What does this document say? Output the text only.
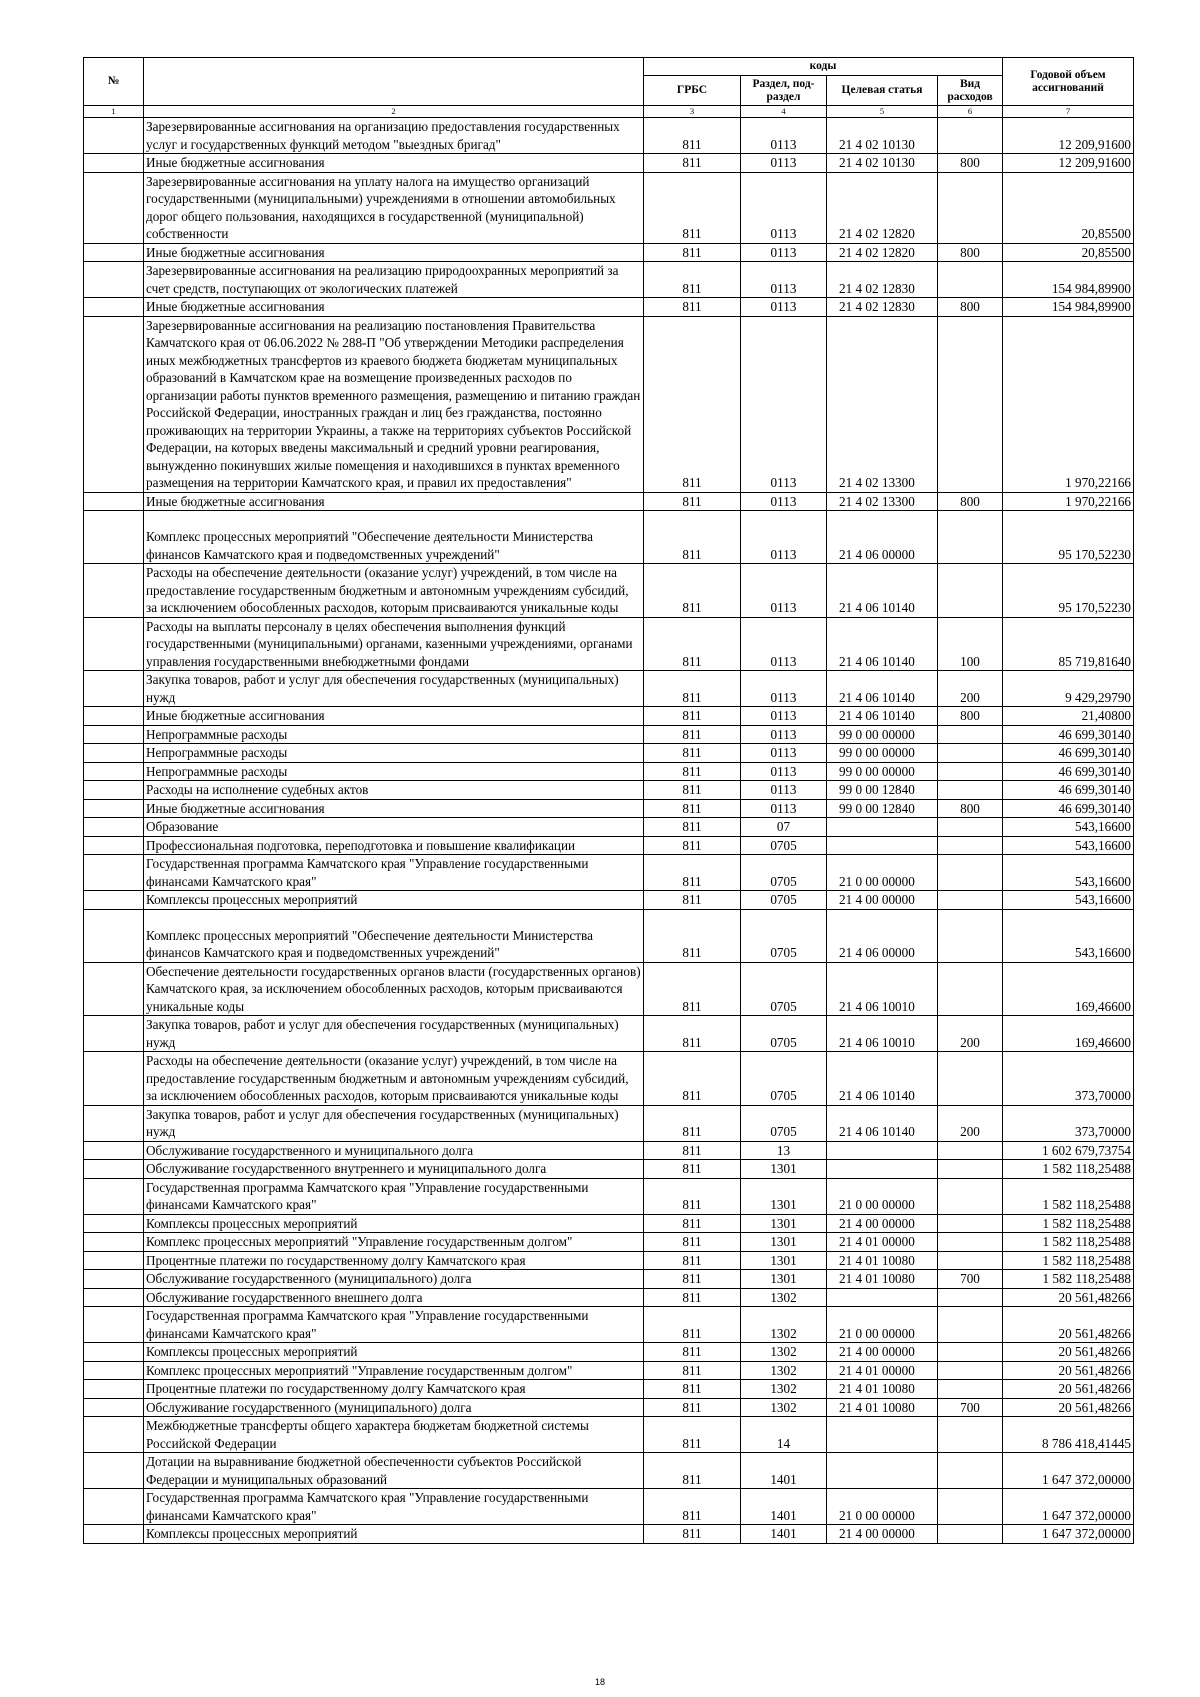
№		коды				Годовой объем ассигнований
		ГРБС	Раздел, под-раздел	Целевая статья	Вид расходов	
1	2	3	4	5	6	7
	Зарезервированные ассигнования на организацию предоставления государственных услуг и государственных функций методом "выездных бригад"	811	0113	21 4 02 10130		12 209,91600
	Иные бюджетные ассигнования	811	0113	21 4 02 10130	800	12 209,91600
	Зарезервированные ассигнования на уплату налога на имущество организаций государственными (муниципальными) учреждениями в отношении автомобильных дорог общего пользования, находящихся в государственной (муниципальной) собственности	811	0113	21 4 02 12820		20,85500
	Иные бюджетные ассигнования	811	0113	21 4 02 12820	800	20,85500
	Зарезервированные ассигнования на реализацию природоохранных мероприятий за счет средств, поступающих от экологических платежей	811	0113	21 4 02 12830		154 984,89900
	Иные бюджетные ассигнования	811	0113	21 4 02 12830	800	154 984,89900
	Зарезервированные ассигнования на реализацию постановления Правительства Камчатского края от 06.06.2022 № 288-П "Об утверждении Методики распределения иных межбюджетных трансфертов из краевого бюджета бюджетам муниципальных образований в Камчатском крае на возмещение произведенных расходов по организации работы пунктов временного размещения, размещению и питанию граждан Российской Федерации, иностранных граждан и лиц без гражданства, постоянно проживающих на территории Украины, а также на территориях субъектов Российской Федерации, на которых введены максимальный и средний уровни реагирования, вынужденно покинувших жилые помещения и находившихся в пунктах временного размещения на территории Камчатского края, и правил их предоставления"	811	0113	21 4 02 13300		1 970,22166
	Иные бюджетные ассигнования	811	0113	21 4 02 13300	800	1 970,22166
	Комплекс процессных мероприятий "Обеспечение деятельности Министерства финансов Камчатского края и подведомственных учреждений"	811	0113	21 4 06 00000		95 170,52230
	Расходы на обеспечение деятельности (оказание услуг) учреждений, в том числе на предоставление государственным бюджетным и автономным учреждениям субсидий, за исключением обособленных расходов, которым присваиваются уникальные коды	811	0113	21 4 06 10140		95 170,52230
	Расходы на выплаты персоналу в целях обеспечения выполнения функций государственными (муниципальными) органами, казенными учреждениями, органами управления государственными внебюджетными фондами	811	0113	21 4 06 10140	100	85 719,81640
	Закупка товаров, работ и услуг для обеспечения государственных (муниципальных) нужд	811	0113	21 4 06 10140	200	9 429,29790
	Иные бюджетные ассигнования	811	0113	21 4 06 10140	800	21,40800
	Непрограммные расходы	811	0113	99 0 00 00000		46 699,30140
	Непрограммные расходы	811	0113	99 0 00 00000		46 699,30140
	Непрограммные расходы	811	0113	99 0 00 00000		46 699,30140
	Расходы на исполнение судебных актов	811	0113	99 0 00 12840		46 699,30140
	Иные бюджетные ассигнования	811	0113	99 0 00 12840	800	46 699,30140
	Образование	811	07			543,16600
	Профессиональная подготовка, переподготовка и повышение квалификации	811	0705			543,16600
	Государственная программа Камчатского края "Управление государственными финансами Камчатского края"	811	0705	21 0 00 00000		543,16600
	Комплексы процессных мероприятий	811	0705	21 4 00 00000		543,16600
	Комплекс процессных мероприятий "Обеспечение деятельности Министерства финансов Камчатского края и подведомственных учреждений"	811	0705	21 4 06 00000		543,16600
	Обеспечение деятельности государственных органов власти (государственных органов) Камчатского края, за исключением обособленных расходов, которым присваиваются уникальные коды	811	0705	21 4 06 10010		169,46600
	Закупка товаров, работ и услуг для обеспечения государственных (муниципальных) нужд	811	0705	21 4 06 10010	200	169,46600
	Расходы на обеспечение деятельности (оказание услуг) учреждений, в том числе на предоставление государственным бюджетным и автономным учреждениям субсидий, за исключением обособленных расходов, которым присваиваются уникальные коды	811	0705	21 4 06 10140		373,70000
	Закупка товаров, работ и услуг для обеспечения государственных (муниципальных) нужд	811	0705	21 4 06 10140	200	373,70000
	Обслуживание государственного и муниципального долга	811	13			1 602 679,73754
	Обслуживание государственного внутреннего и муниципального долга	811	1301			1 582 118,25488
	Государственная программа Камчатского края "Управление государственными финансами Камчатского края"	811	1301	21 0 00 00000		1 582 118,25488
	Комплексы процессных мероприятий	811	1301	21 4 00 00000		1 582 118,25488
	Комплекс процессных мероприятий "Управление государственным долгом"	811	1301	21 4 01 00000		1 582 118,25488
	Процентные платежи по государственному долгу Камчатского края	811	1301	21 4 01 10080		1 582 118,25488
	Обслуживание государственного (муниципального) долга	811	1301	21 4 01 10080	700	1 582 118,25488
	Обслуживание государственного внешнего долга	811	1302			20 561,48266
	Государственная программа Камчатского края "Управление государственными финансами Камчатского края"	811	1302	21 0 00 00000		20 561,48266
	Комплексы процессных мероприятий	811	1302	21 4 00 00000		20 561,48266
	Комплекс процессных мероприятий "Управление государственным долгом"	811	1302	21 4 01 00000		20 561,48266
	Процентные платежи по государственному долгу Камчатского края	811	1302	21 4 01 10080		20 561,48266
	Обслуживание государственного (муниципального) долга	811	1302	21 4 01 10080	700	20 561,48266
	Межбюджетные трансферты общего характера бюджетам бюджетной системы Российской Федерации	811	14			8 786 418,41445
	Дотации на выравнивание бюджетной обеспеченности субъектов Российской Федерации и муниципальных образований	811	1401			1 647 372,00000
	Государственная программа Камчатского края "Управление государственными финансами Камчатского края"	811	1401	21 0 00 00000		1 647 372,00000
	Комплексы процессных мероприятий	811	1401	21 4 00 00000		1 647 372,00000
18
